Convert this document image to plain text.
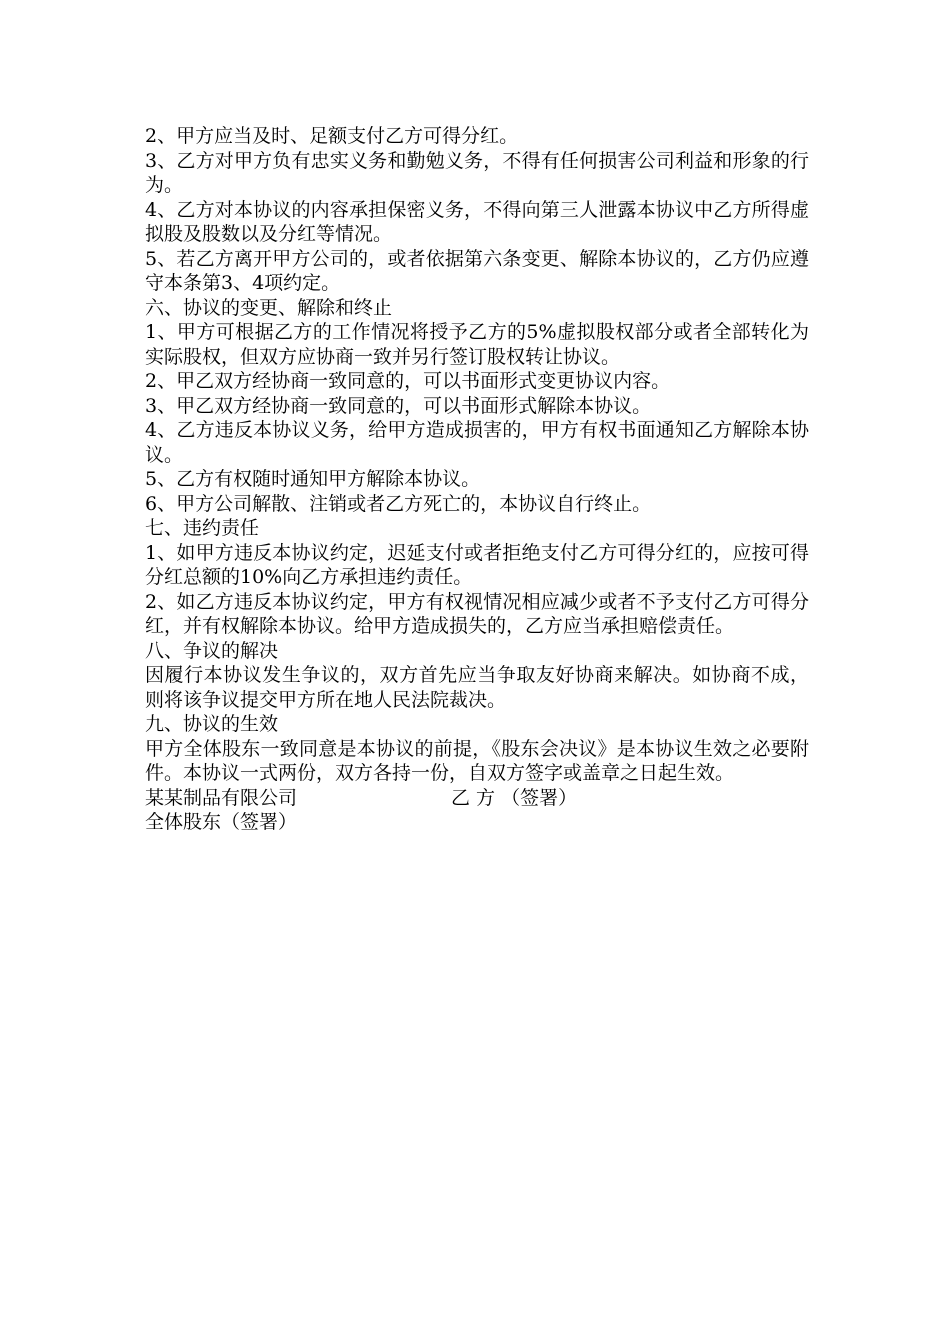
2、甲方应当及时、足额支付乙方可得分红。

3、乙方对甲方负有忠实义务和勤勉义务，不得有任何损害公司利益和形象的行为。

4、乙方对本协议的内容承担保密义务，不得向第三人泄露本协议中乙方所得虚拟股及股数以及分红等情况。

5、若乙方离开甲方公司的，或者依据第六条变更、解除本协议的，乙方仍应遵守本条第3、4项约定。

六、协议的变更、解除和终止

1、甲方可根据乙方的工作情况将授予乙方的5%虚拟股权部分或者全部转化为实际股权，但双方应协商一致并另行签订股权转让协议。

2、甲乙双方经协商一致同意的，可以书面形式变更协议内容。

3、甲乙双方经协商一致同意的，可以书面形式解除本协议。

4、乙方违反本协议义务，给甲方造成损害的，甲方有权书面通知乙方解除本协议。

5、乙方有权随时通知甲方解除本协议。

6、甲方公司解散、注销或者乙方死亡的，本协议自行终止。

七、违约责任

1、如甲方违反本协议约定，迟延支付或者拒绝支付乙方可得分红的，应按可得分红总额的10%向乙方承担违约责任。

2、如乙方违反本协议约定，甲方有权视情况相应减少或者不予支付乙方可得分红，并有权解除本协议。给甲方造成损失的，乙方应当承担赔偿责任。

八、争议的解决

因履行本协议发生争议的，双方首先应当争取友好协商来解决。如协商不成，则将该争议提交甲方所在地人民法院裁决。

九、协议的生效

甲方全体股东一致同意是本协议的前提，《股东会决议》是本协议生效之必要附件。本协议一式两份，双方各持一份，自双方签字或盖章之日起生效。

某某制品有限公司	乙 方 （签署）

全体股东（签署）
